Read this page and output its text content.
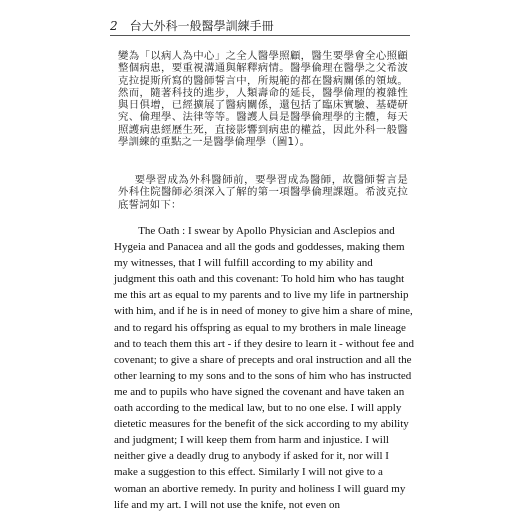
2 台大外科一般醫學訓練手冊

變為「以病人為中心」之全人醫學照顧，醫生要學會全心照顧整個病患，要重視溝通與解釋病情。醫學倫理在醫學之父希波克拉提斯所寫的醫師誓言中，所規範的都在醫病關係的領域。然而，隨著科技的進步，人類壽命的延長，醫學倫理的複雜性與日俱增，已經擴展了醫病關係，還包括了臨床實驗、基礎研究、倫理學、法律等等。醫護人員是醫學倫理學的主體，每天照護病患經歷生死，直接影響到病患的權益，因此外科一般醫學訓練的重點之一是醫學倫理學（圖1）。

要學習成為外科醫師前，要學習成為醫師，故醫師誓言是外科住院醫師必須深入了解的第一項醫學倫理課題。希波克拉底誓詞如下：

The Oath : I swear by Apollo Physician and Asclepios and Hygeia and Panacea and all the gods and goddesses, making them my witnesses, that I will fulfill according to my ability and judgment this oath and this covenant: To hold him who has taught me this art as equal to my parents and to live my life in partnership with him, and if he is in need of money to give him a share of mine, and to regard his offspring as equal to my brothers in male lineage and to teach them this art - if they desire to learn it - without fee and covenant; to give a share of precepts and oral instruction and all the other learning to my sons and to the sons of him who has instructed me and to pupils who have signed the covenant and have taken an oath according to the medical law, but to no one else. I will apply dietetic measures for the benefit of the sick according to my ability and judgment; I will keep them from harm and injustice. I will neither give a deadly drug to anybody if asked for it, nor will I make a suggestion to this effect. Similarly I will not give to a woman an abortive remedy. In purity and holiness I will guard my life and my art. I will not use the knife, not even on
